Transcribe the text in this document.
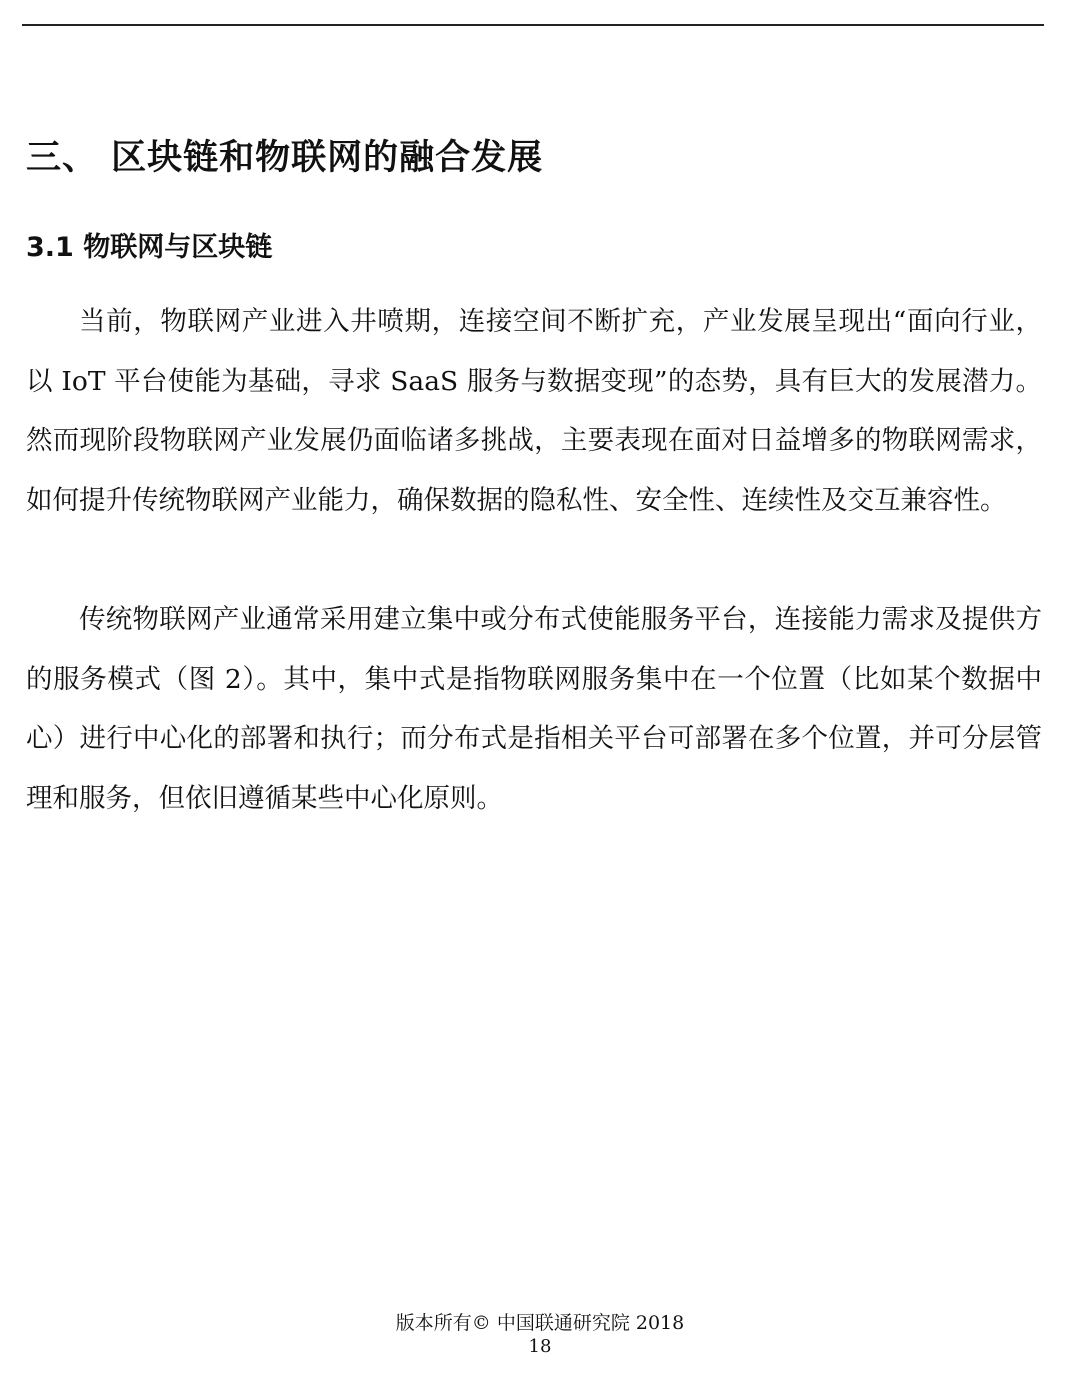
三、 区块链和物联网的融合发展
3.1 物联网与区块链

当前，物联网产业进入井喷期，连接空间不断扩充，产业发展呈现出“面向行业，以 IoT 平台使能为基础，寻求 SaaS 服务与数据变现”的态势，具有巨大的发展潜力。然而现阶段物联网产业发展仍面临诸多挑战，主要表现在面对日益增多的物联网需求，如何提升传统物联网产业能力，确保数据的隐私性、安全性、连续性及交互兼容性。

传统物联网产业通常采用建立集中或分布式使能服务平台，连接能力需求及提供方的服务模式（图 2）。其中，集中式是指物联网服务集中在一个位置（比如某个数据中心）进行中心化的部署和执行；而分布式是指相关平台可部署在多个位置，并可分层管理和服务，但依旧遵循某些中心化原则。

版本所有© 中国联通研究院 2018
18
